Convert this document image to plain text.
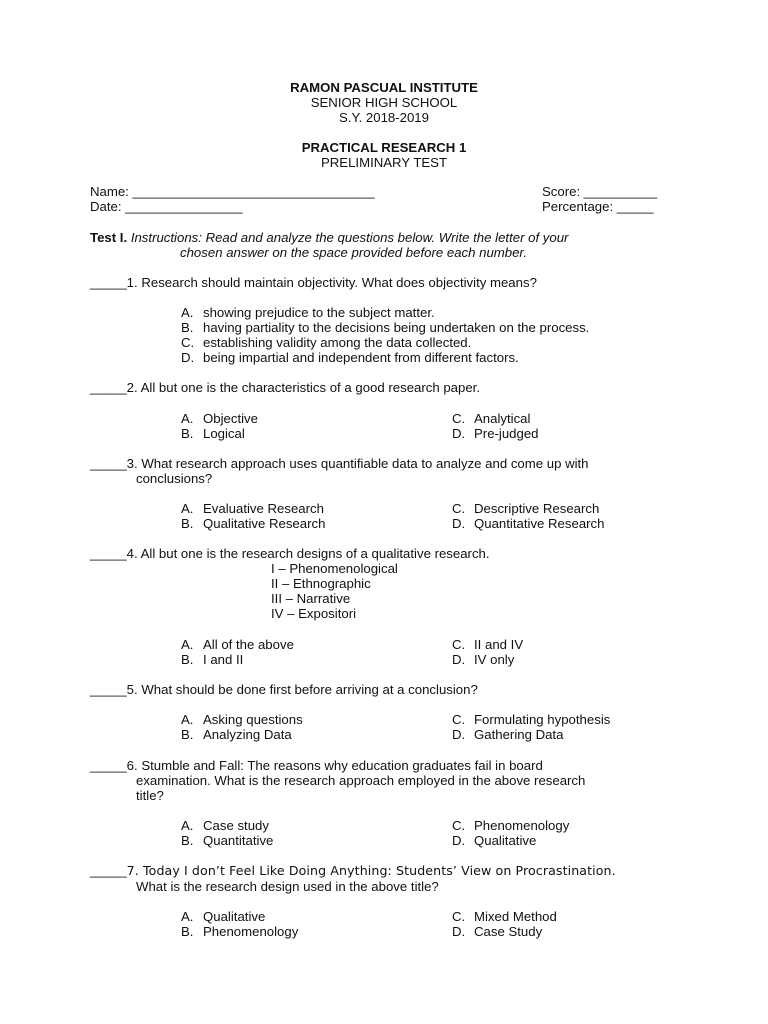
RAMON PASCUAL INSTITUTE
SENIOR HIGH SCHOOL
S.Y. 2018-2019
PRACTICAL RESEARCH 1
PRELIMINARY TEST
Name: _________________________________
Date: ________________
Score: __________
Percentage: _____
Test I. Instructions: Read and analyze the questions below. Write the letter of your
chosen answer on the space provided before each number.
_____1. Research should maintain objectivity. What does objectivity means?
A. showing prejudice to the subject matter.
B. having partiality to the decisions being undertaken on the process.
C. establishing validity among the data collected.
D. being impartial and independent from different factors.
_____2. All but one is the characteristics of a good research paper.
A. Objective
B. Logical
C. Analytical
D. Pre-judged
_____3. What research approach uses quantifiable data to analyze and come up with
conclusions?
A. Evaluative Research
B. Qualitative Research
C. Descriptive Research
D. Quantitative Research
_____4. All but one is the research designs of a qualitative research.
I – Phenomenological
II – Ethnographic
III – Narrative
IV – Expositori
A. All of the above
B. I and II
C. II and IV
D. IV only
_____5. What should be done first before arriving at a conclusion?
A. Asking questions
B. Analyzing Data
C. Formulating hypothesis
D. Gathering Data
_____6. Stumble and Fall: The reasons why education graduates fail in board
examination. What is the research approach employed in the above research
title?
A. Case study
B. Quantitative
C. Phenomenology
D. Qualitative
_____7. Today I don’t Feel Like Doing Anything: Students’ View on Procrastination.
What is the research design used in the above title?
A. Qualitative
B. Phenomenology
C. Mixed Method
D. Case Study
